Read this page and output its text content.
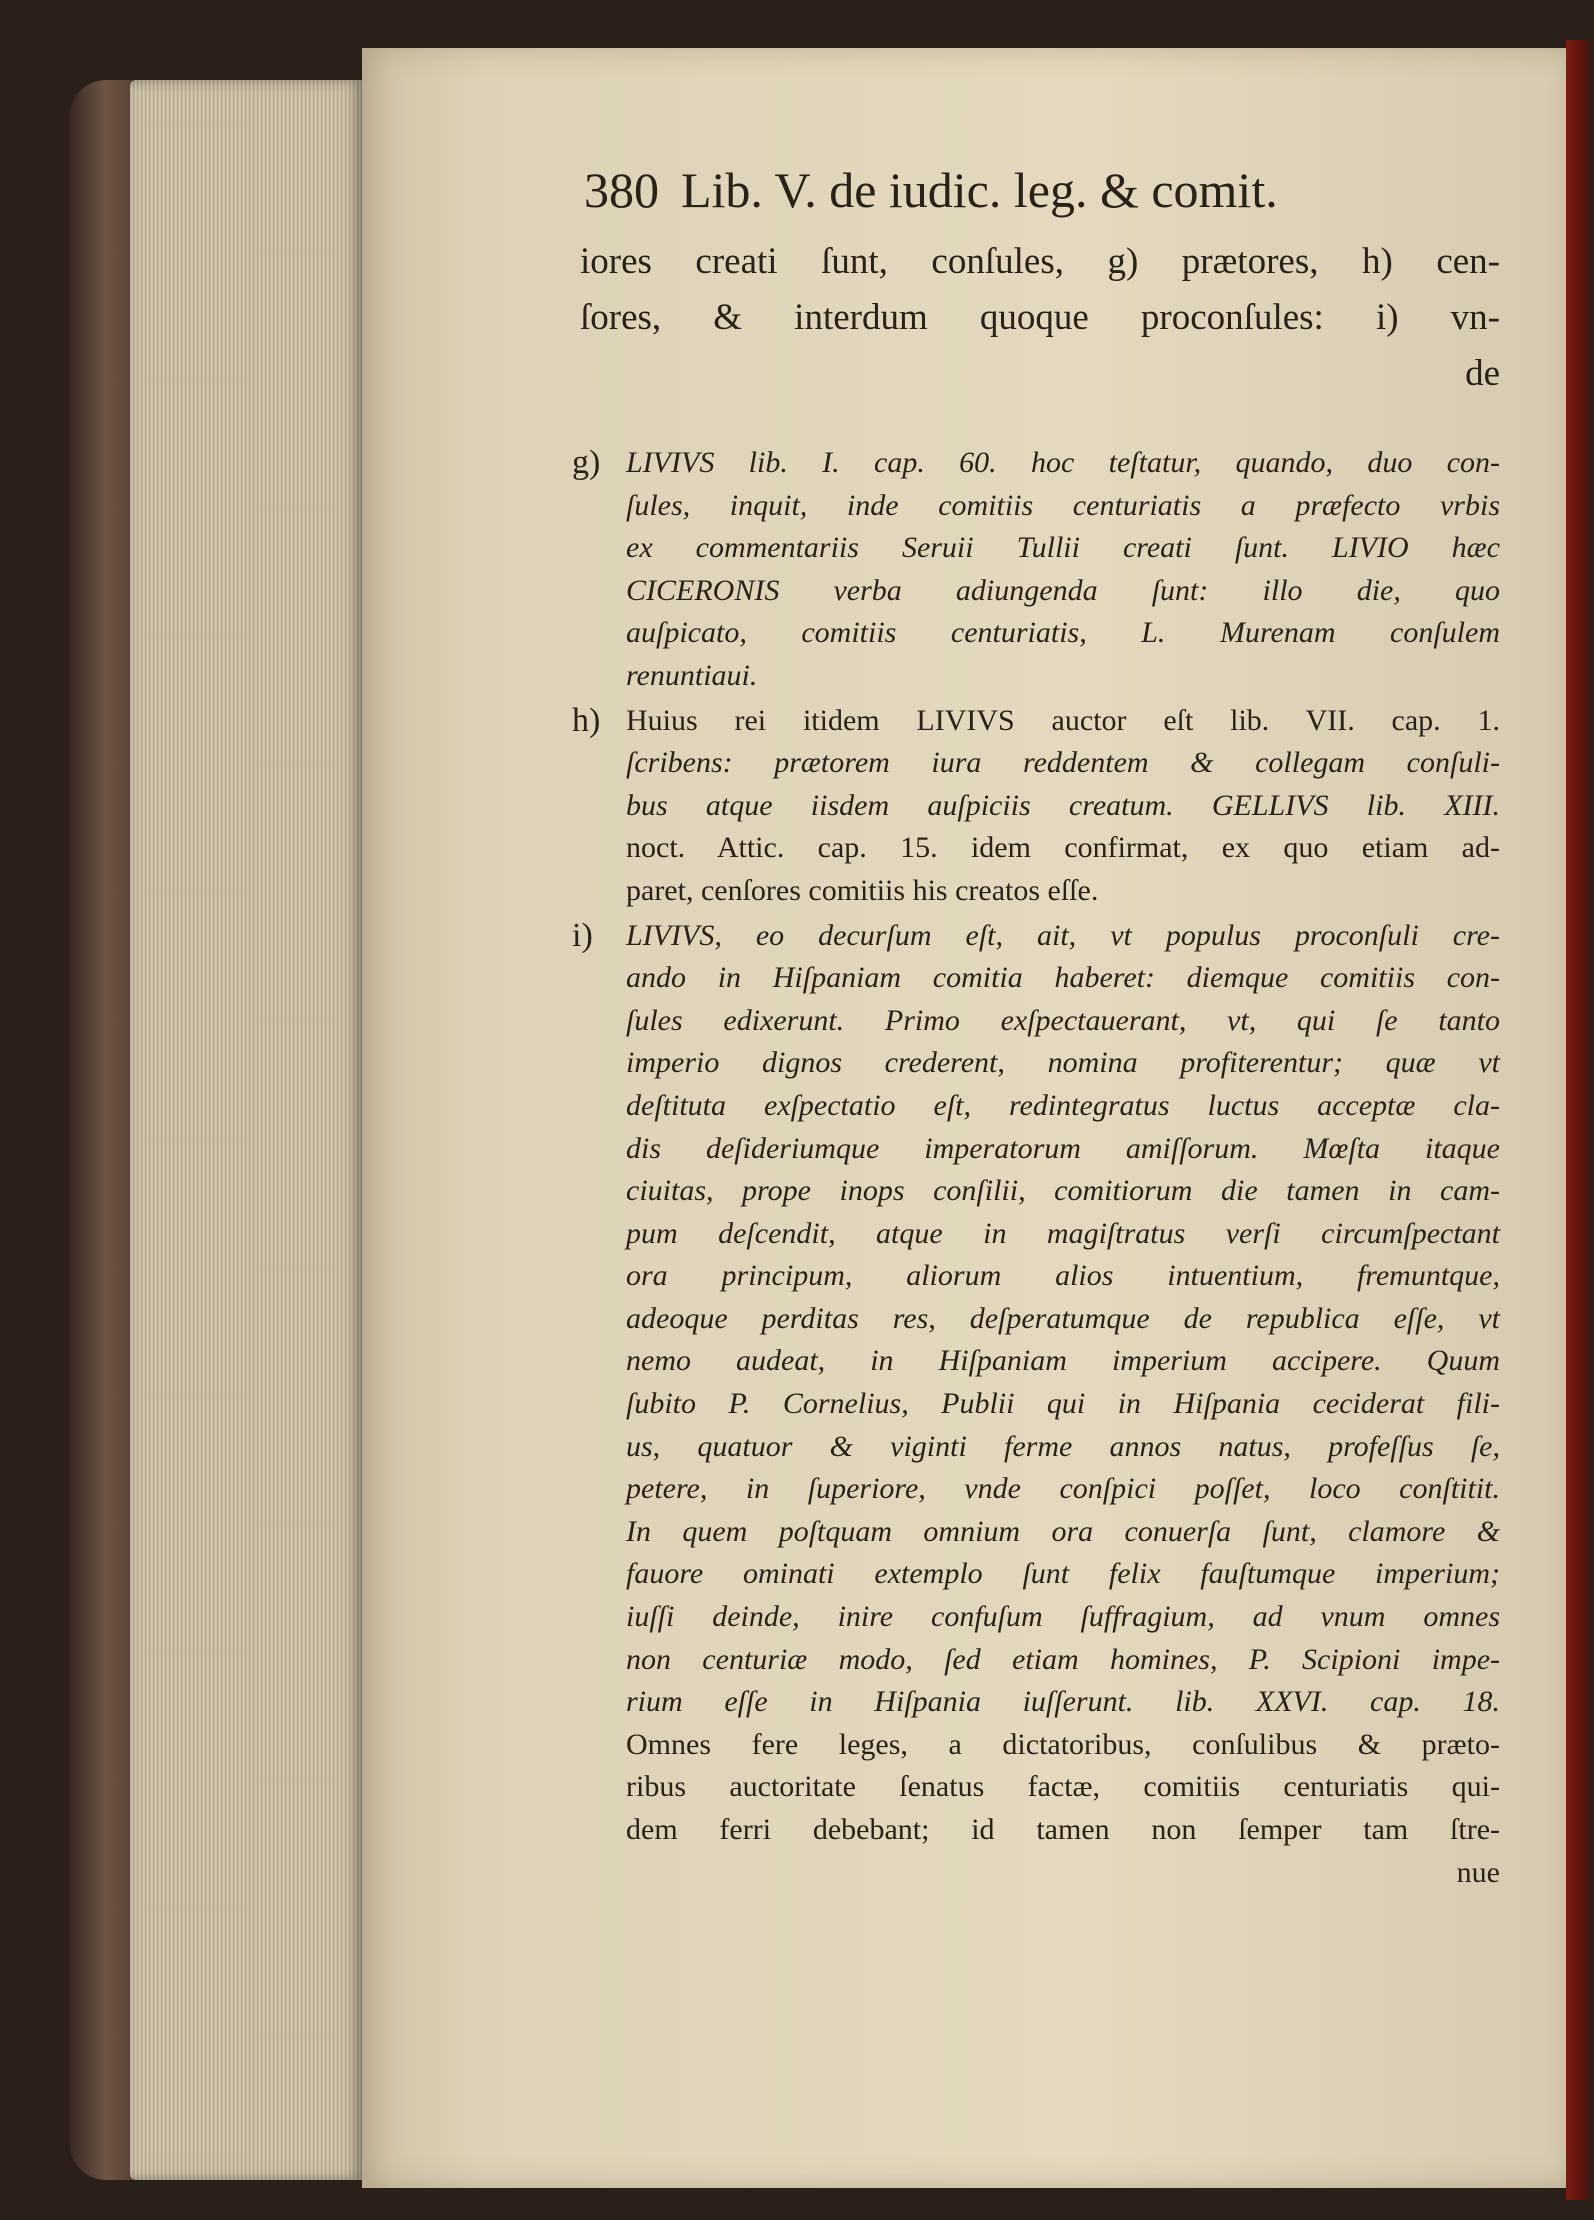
380 Lib. V. de iudic. leg. & comit.
iores creati ſunt, conſules, g) prætores, h) cen-
ſores, & interdum quoque proconſules: i) vn-
de
g) LIVIVS lib. I. cap. 60. hoc teſtatur, quando, duo con-
ſules, inquit, inde comitiis centuriatis a præfecto vrbis
ex commentariis Seruii Tullii creati ſunt. LIVIO hæc
CICERONIS verba adiungenda ſunt: illo die, quo
auſpicato, comitiis centuriatis, L. Murenam conſulem
renuntiaui.
h) Huius rei itidem LIVIVS auctor eſt lib. VII. cap. 1.
ſcribens: prætorem iura reddentem & collegam conſuli-
bus atque iisdem auſpiciis creatum. GELLIVS lib. XIII.
noct. Attic. cap. 15. idem confirmat, ex quo etiam ad-
paret, cenſores comitiis his creatos eſſe.
i) LIVIVS, eo decurſum eſt, ait, vt populus proconſuli cre-
ando in Hiſpaniam comitia haberet: diemque comitiis con-
ſules edixerunt. Primo exſpectauerant, vt, qui ſe tanto
imperio dignos crederent, nomina profiterentur; quæ vt
deſtituta exſpectatio eſt, redintegratus luctus acceptæ cla-
dis deſideriumque imperatorum amiſſorum. Mœſta itaque
ciuitas, prope inops conſilii, comitiorum die tamen in cam-
pum deſcendit, atque in magiſtratus verſi circumſpectant
ora principum, aliorum alios intuentium, fremuntque,
adeoque perditas res, deſperatumque de republica eſſe, vt
nemo audeat, in Hiſpaniam imperium accipere. Quum
ſubito P. Cornelius, Publii qui in Hiſpania ceciderat fili-
us, quatuor & viginti ferme annos natus, profeſſus ſe,
petere, in ſuperiore, vnde conſpici poſſet, loco conſtitit.
In quem poſtquam omnium ora conuerſa ſunt, clamore &
fauore ominati extemplo ſunt felix fauſtumque imperium;
iuſſi deinde, inire confuſum ſuffragium, ad vnum omnes
non centuriæ modo, ſed etiam homines, P. Scipioni impe-
rium eſſe in Hiſpania iuſſerunt. lib. XXVI. cap. 18.
Omnes fere leges, a dictatoribus, conſulibus & præto-
ribus auctoritate ſenatus factæ, comitiis centuriatis qui-
dem ferri debebant; id tamen non ſemper tam ſtre-
nue
